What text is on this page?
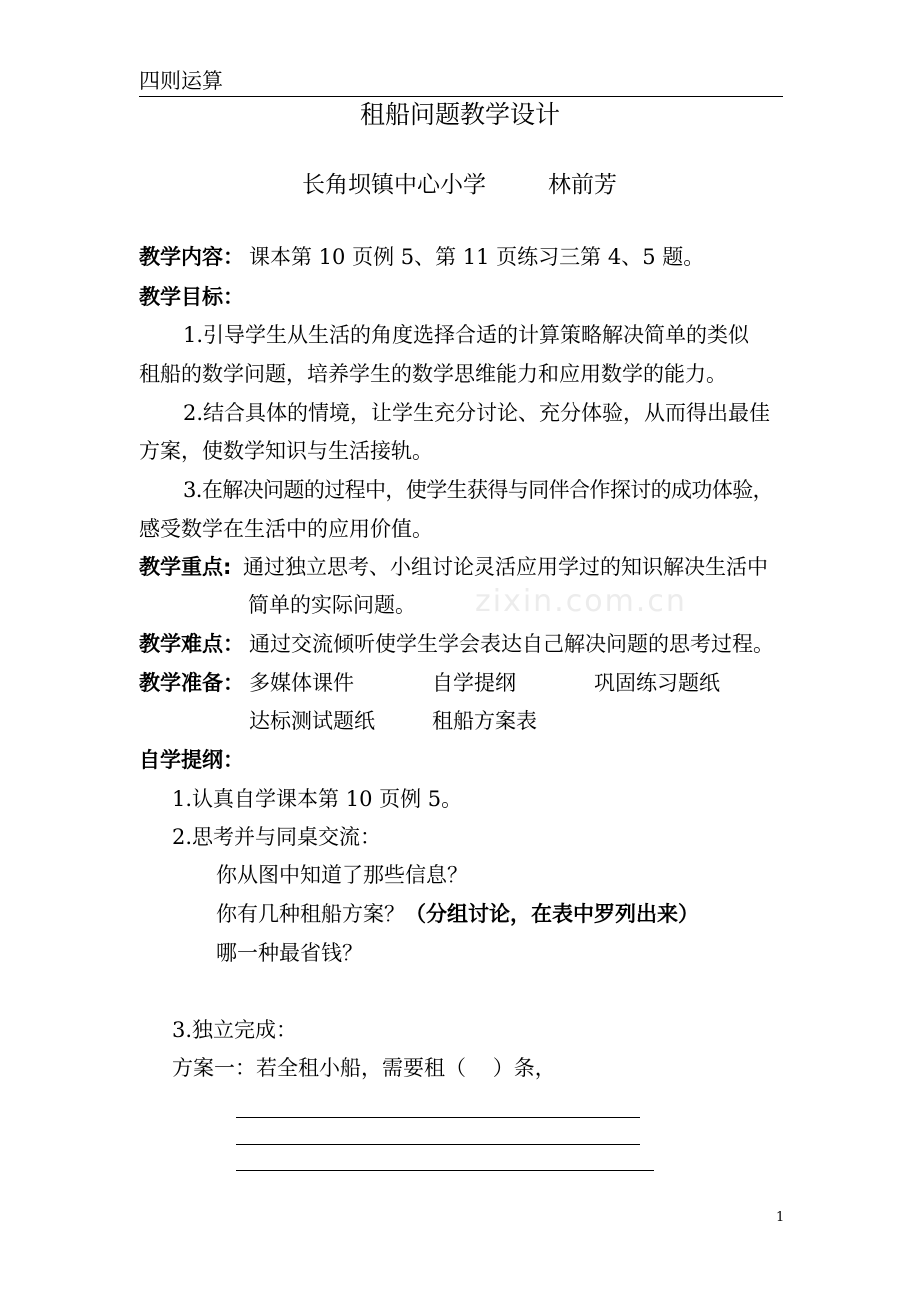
四则运算
租船问题教学设计
长角坝镇中心小学	林前芳
教学内容： 课本第 10 页例 5、第 11 页练习三第 4、5 题。
教学目标：
1.引导学生从生活的角度选择合适的计算策略解决简单的类似
租船的数学问题，培养学生的数学思维能力和应用数学的能力。
2.结合具体的情境，让学生充分讨论、充分体验，从而得出最佳
方案，使数学知识与生活接轨。
3.在解决问题的过程中，使学生获得与同伴合作探讨的成功体验，
感受数学在生活中的应用价值。
教学重点: 通过独立思考、小组讨论灵活应用学过的知识解决生活中
简单的实际问题。 zixin.com.cn
教学难点： 通过交流倾听使学生学会表达自己解决问题的思考过程。
教学准备： 多媒体课件	自学提纲	巩固练习题纸
达标测试题纸	租船方案表
自学提纲：
1.认真自学课本第 10 页例 5。
2.思考并与同桌交流：
你从图中知道了那些信息？
你有几种租船方案？（分组讨论，在表中罗列出来）
哪一种最省钱？
3.独立完成：
方案一：若全租小船，需要租（    ）条，
1
